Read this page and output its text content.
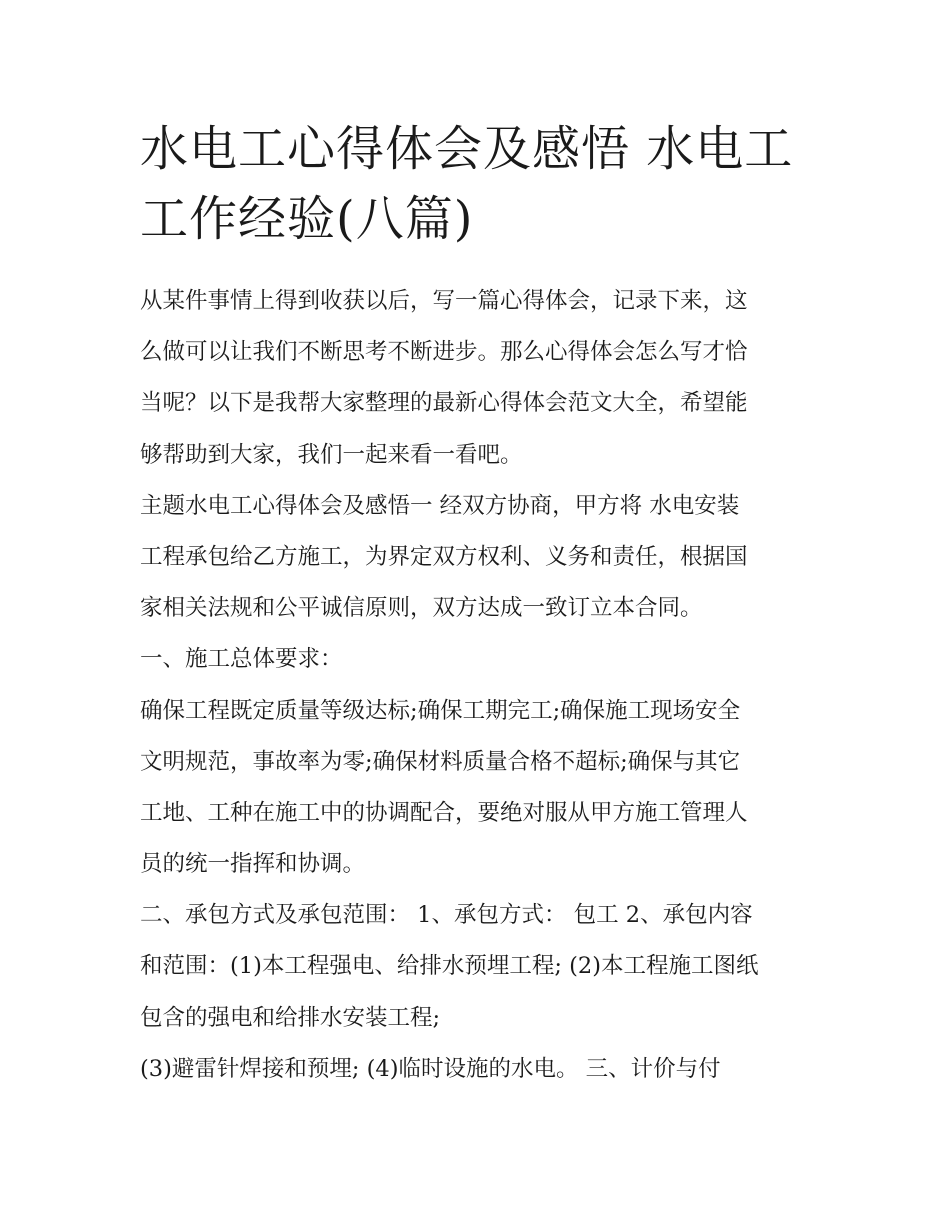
水电工心得体会及感悟 水电工
工作经验(八篇)
从某件事情上得到收获以后，写一篇心得体会，记录下来，这
么做可以让我们不断思考不断进步。那么心得体会怎么写才恰
当呢？以下是我帮大家整理的最新心得体会范文大全，希望能
够帮助到大家，我们一起来看一看吧。
主题水电工心得体会及感悟一 经双方协商，甲方将 水电安装
工程承包给乙方施工，为界定双方权利、义务和责任，根据国
家相关法规和公平诚信原则，双方达成一致订立本合同。
一、施工总体要求：
确保工程既定质量等级达标;确保工期完工;确保施工现场安全
文明规范，事故率为零;确保材料质量合格不超标;确保与其它
工地、工种在施工中的协调配合，要绝对服从甲方施工管理人
员的统一指挥和协调。
二、承包方式及承包范围： 1、承包方式： 包工 2、承包内容
和范围：(1)本工程强电、给排水预埋工程; (2)本工程施工图纸
包含的强电和给排水安装工程;
(3)避雷针焊接和预埋; (4)临时设施的水电。 三、计价与付
